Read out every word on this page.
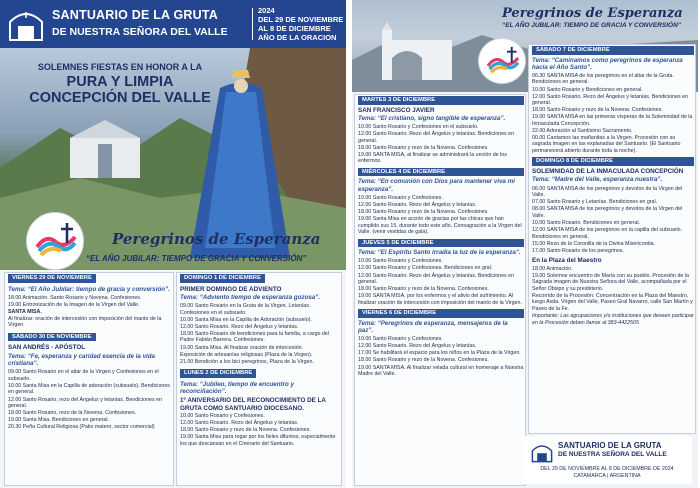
SANTUARIO DE LA GRUTA
DE NUESTRA SEÑORA DEL VALLE
2024
DEL 29 DE NOVIEMBRE
AL 8 DE DICIEMBRE
AÑO DE LA ORACION
SOLEMNES FIESTAS EN HONOR A LA
PURA Y LIMPIA
CONCEPCIÓN DEL VALLE
Peregrinos de Esperanza
“EL AÑO JUBILAR: TIEMPO DE GRACIA Y CONVERSIÓN”
VIERNES 29 DE NOVIEMBRE
Tema: “El Año Jubilar: tiempo de gracia y conversión”.
18.00 Animación. Santo Rosario y Novena. Confesiones.
19.00 Entronización de la Imagen de la Virgen del Valle.
SANTA MISA.
Al finalizar: oración de intercesión con imposición del manto de la Virgen.
SÁBADO 30 DE NOVIEMBRE
SAN ANDRÉS - APÓSTOL
Tema: “Fe, esperanza y caridad esencia de la vida cristiana”.
09.00 Santo Rosario en el altar de la Virgen y Confesiones en el subsuelo.
10.00 Santa Misa en la Capilla de adoración (subsuelo). Bendiciones en general.
12.00 Santo Rosario, rezo del Ángelus y letanías. Bendiciones en general.
18.00 Santo Rosario, rezo de la Novena. Confesiones.
19.00 Santa Misa. Bendiciones en general.
20.30 Peña Cultural Religiosa (Patio matero, sector comercial)
DOMINGO 1 DE DICIEMBRE
PRIMER DOMINGO DE ADVIENTO
Tema: “Adviento tiempo de esperanza gozosa”.
09.00 Santo Rosario en la Gruta de la Virgen. Letanías. Confesiones en el subsuelo.
10.00 Santa Misa en la Capilla de Adoración (subsuelo).
12.00 Santo Rosario. Rezo del Ángelus y letanías.
18.00 Santo Rosario de bendiciones para la familia, a cargo del Padre Fabián Barrera. Confesiones.
19.00 Santa Misa. Al finalizar oración de intercesión.
Exposición de artesanías religiosas (Plaza de la Virgen).
21.00 Bendición a los bici peregrinos, Plaza de la Virgen.
LUNES 2 DE DICIEMBRE
Tema: “Jubileo, tiempo de encuentro y reconciliación”.
1º ANIVERSARIO DEL RECONOCIMIENTO DE LA GRUTA COMO SANTUARIO DIOCESANO.
10.00 Santo Rosario y Confesiones.
12.00 Santo Rosario. Rezo del Ángelus y letanías.
18.00 Santo Rosario y rezo de la Novena. Confesiones.
19.00 Santa Misa para rogar por los fieles difuntos, especialmente los que descansan en el Cinerario del Santuario.
Peregrinos de Esperanza
“EL AÑO JUBILAR: TIEMPO DE GRACIA Y CONVERSIÓN”
MARTES 3 DE DICIEMBRE
SAN FRANCISCO JAVIER
Tema: “El cristiano, signo tangible de esperanza”.
10.00 Santo Rosario y Confesiones en el subsuelo.
12.00 Santo Rosario. Rezo del Ángelus y letanías. Bendiciones en general.
18.00 Santo Rosario y rezo de la Novena. Confesiones.
19.00 SANTA MISA, al finalizar se administrará la unción de los enfermos.
MIÉRCOLES 4 DE DICIEMBRE
Tema: “En comunión con Dios para mantener viva mi esperanza”.
10.00 Santo Rosario y Confesiones.
12.00 Santo Rosario. Rezo del Ángelus y letanías.
18.00 Santo Rosario y rezo de la Novena. Confesiones.
19.00 Santa Misa en acción de gracias por las chicas que han cumplido sus 15, durante todo este año. Consagración a la Virgen del Valle. (venir vestidas de gala).
JUEVES 5 DE DICIEMBRE
Tema: “El Espíritu Santo irradia la luz de la esperanza”.
10.00 Santo Rosario y Confesiones.
12.00 Santo Rosario y Confesiones. Bendiciones en gral.
12.00 Santo Rosario. Rezo del Ángelus y letanías. Bendiciones en general.
18.00 Santo Rosario y rezo de la Novena. Confesiones.
19.00 SANTA MISA, por los enfermos y el alivio del sufrimiento. Al finalizar oración de intercesión con imposición del manto de la Virgen.
VIERNES 6 DE DICIEMBRE
Tema: “Peregrinos de esperanza, mensajeros de la paz”.
10.00 Santo Rosario y Confesiones.
12.00 Santo Rosario. Rezo del Ángelus y letanías.
17.00 Se habilitará el espacio para los niños en la Plaza de la Virgen.
18.00 Santo Rosario y rezo de la Novena. Confesiones.
19.00 SANTA MISA. Al finalizar velada cultural en homenaje a Nuestra Madre del Valle.
SÁBADO 7 DE DICIEMBRE
Tema: “Caminamos como peregrinos de esperanza hacia el Año Santo”.
06.30 SANTA MISA de los peregrinos en el altar de la Gruta. Bendiciones en general.
10.00 Santo Rosario y Bendiciones en general.
12.00 Santo Rosario. Rezo del Ángelus y letanías. Bendiciones en general.
18.00 Santo Rosario y rezo de la Novena. Confesiones.
19.00 SANTA MISA en las primeras vísperas de la Solemnidad de la Inmaculada Concepción.
22.00 Adoración al Santísimo Sacramento.
00.00 Cantamos las mañanitas a la Virgen. Procesión con su sagrada imagen en las explanadas del Santuario. (El Santuario permanecerá abierto durante toda la noche).
DOMINGO 8 DE DICIEMBRE
SOLEMNIDAD DE LA INMACULADA CONCEPCIÓN
Tema: “Madre del Valle, esperanza nuestra”.
06.00 SANTA MISA de los peregrinos y devotos de la Virgen del Valle.
07.00 Santo Rosario y Letanías. Bendiciones en gral.
08.00 SANTA MISA de los peregrinos y devotos de la Virgen del Valle.
10.00 Santo Rosario. Bendiciones en general.
12.00 SANTA MISA de los peregrinos en la capilla del subsuelo. Bendiciones en general.
15.00 Rezo de la Coronilla de la Divina Misericordia.
17.00 Santo Rosario de los peregrinos.
En la Plaza del Maestro
18.00 Animación.
19.00 Solemne encuentro de María con su pueblo. Procesión de la Sagrada imagen de Nuestra Señora del Valle, acompañada por el Señor Obispo y su presbiterio.
Recorrido de la Procesión: Concentración en la Plaza del Maestro, luego Avda. Virgen del Valle, Paseo Gral Navarro, calle San Martín y Paseo de la Fe.
Importante: Las agrupaciones y/o instituciones que deseen participar en la Procesión deben llamar al 383-4422505
SANTUARIO DE LA GRUTA
DE NUESTRA SEÑORA DEL VALLE
DEL 29 DE NOVIEMBRE AL 8 DE DICIEMBRE DE 2024
CATAMARCA | ARGENTINA
